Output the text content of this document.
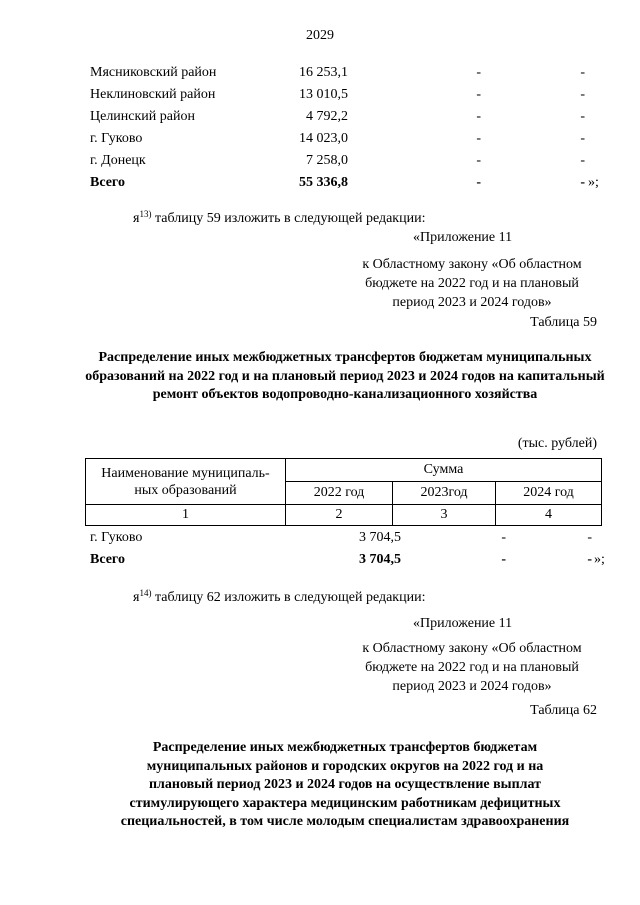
2029
Мясниковский район	16 253,1	-	-	
Неклиновский район	13 010,5	-	-	
Целинский район	4 792,2	-	-	
г. Гуково	14 023,0	-	-	
г. Донецк	7 258,0	-	-	
Всего	55 336,8	-	-	»;
$я^{13)}$ таблицу 59 изложить в следующей редакции:
«Приложение 11
к Областному закону «Об областном
бюджете на 2022 год и на плановый
период 2023 и 2024 годов»
Таблица 59
Распределение иных межбюджетных трансфертов бюджетам муниципальных образований на 2022 год и на плановый период 2023 и 2024 годов на капитальный ремонт объектов водопроводно-канализационного хозяйства
(тыс. рублей)
Наименование муниципаль-
ных образований	Сумма		
	2022 год	2023год	2024 год
1	2	3	4
г. Гуково	3 704,5	-	-	
Всего	3 704,5	-	-	»;
$я^{14)}$ таблицу 62 изложить в следующей редакции:
«Приложение 11
к Областному закону «Об областном
бюджете на 2022 год и на плановый
период 2023 и 2024 годов»
Таблица 62
Распределение иных межбюджетных трансфертов бюджетам
муниципальных районов и городских округов на 2022 год и на
плановый период 2023 и 2024 годов на осуществление выплат
стимулирующего характера медицинским работникам дефицитных
специальностей, в том числе молодым специалистам здравоохранения
